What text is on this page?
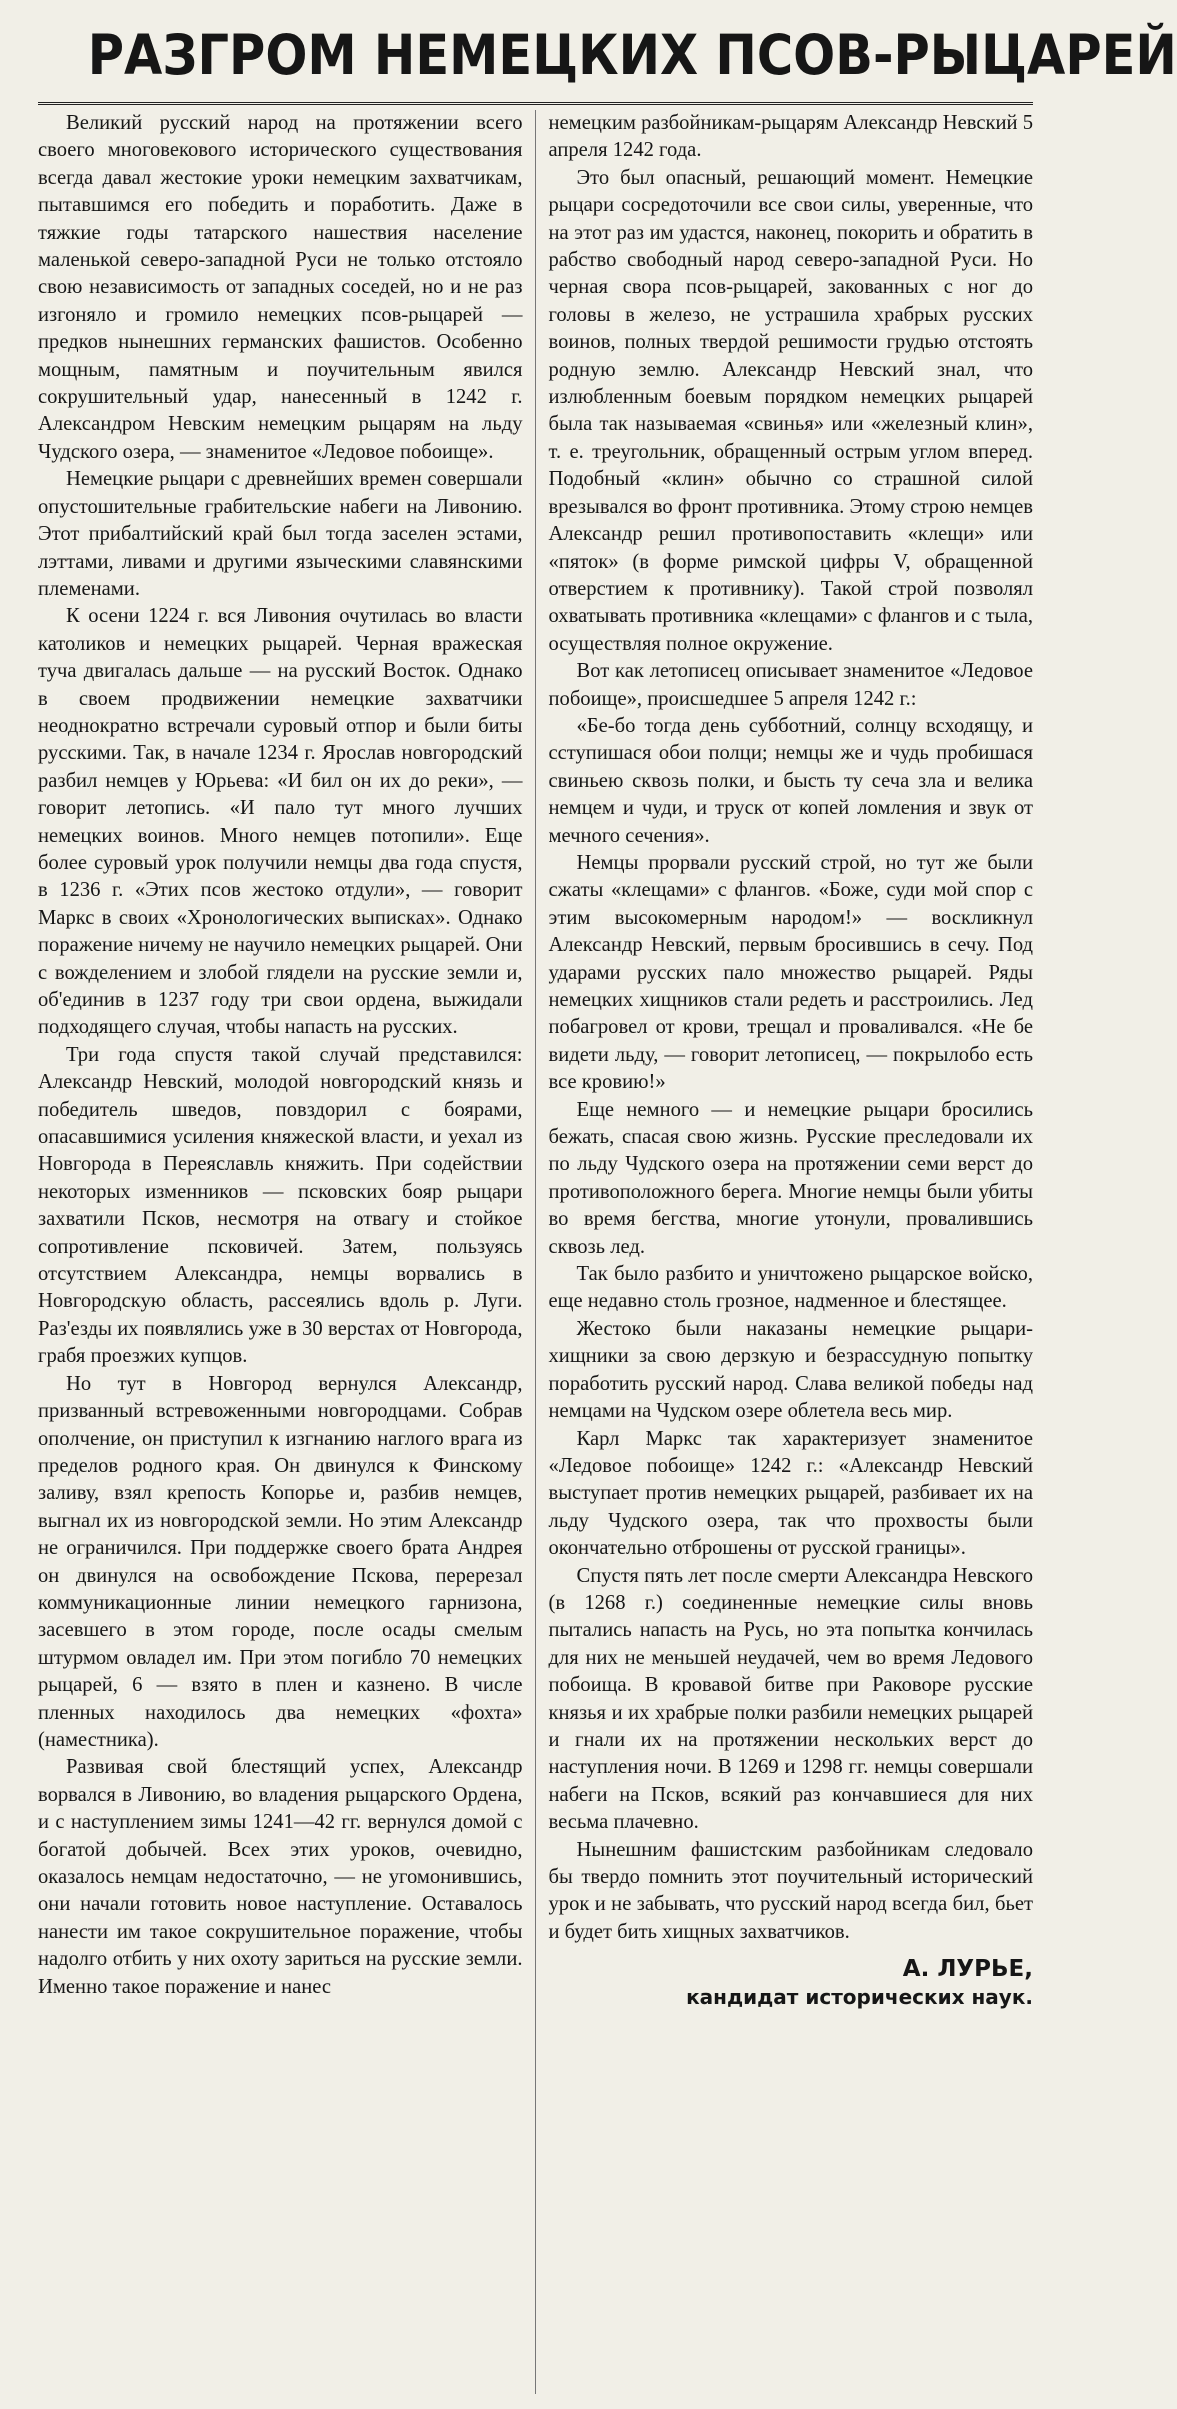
РАЗГРОМ НЕМЕЦКИХ ПСОВ-РЫЦАРЕЙ

Великий русский народ на протяжении всего своего многовекового исторического существования всегда давал жестокие уроки немецким захватчикам, пытавшимся его победить и поработить. Даже в тяжкие годы татарского нашествия население маленькой северо-западной Руси не только отстояло свою независимость от западных соседей, но и не раз изгоняло и громило немецких псов-рыцарей — предков нынешних германских фашистов. Особенно мощным, памятным и поучительным явился сокрушительный удар, нанесенный в 1242 г. Александром Невским немецким рыцарям на льду Чудского озера, — знаменитое «Ледовое побоище».

Немецкие рыцари с древнейших времен совершали опустошительные грабительские набеги на Ливонию. Этот прибалтийский край был тогда заселен эстами, лэттами, ливами и другими языческими славянскими племенами.

К осени 1224 г. вся Ливония очутилась во власти католиков и немецких рыцарей. Черная вражеская туча двигалась дальше — на русский Восток. Однако в своем продвижении немецкие захватчики неоднократно встречали суровый отпор и были биты русскими. Так, в начале 1234 г. Ярослав новгородский разбил немцев у Юрьева: «И бил он их до реки», — говорит летопись. «И пало тут много лучших немецких воинов. Много немцев потопили». Еще более суровый урок получили немцы два года спустя, в 1236 г. «Этих псов жестоко отдули», — говорит Маркс в своих «Хронологических выписках». Однако поражение ничему не научило немецких рыцарей. Они с вожделением и злобой глядели на русские земли и, об'единив в 1237 году три свои ордена, выжидали подходящего случая, чтобы напасть на русских.

Три года спустя такой случай представился: Александр Невский, молодой новгородский князь и победитель шведов, повздорил с боярами, опасавшимися усиления княжеской власти, и уехал из Новгорода в Переяславль княжить. При содействии некоторых изменников — псковских бояр рыцари захватили Псков, несмотря на отвагу и стойкое сопротивление псковичей. Затем, пользуясь отсутствием Александра, немцы ворвались в Новгородскую область, рассеялись вдоль р. Луги. Раз'езды их появлялись уже в 30 верстах от Новгорода, грабя проезжих купцов.

Но тут в Новгород вернулся Александр, призванный встревоженными новгородцами. Собрав ополчение, он приступил к изгнанию наглого врага из пределов родного края. Он двинулся к Финскому заливу, взял крепость Копорье и, разбив немцев, выгнал их из новгородской земли. Но этим Александр не ограничился. При поддержке своего брата Андрея он двинулся на освобождение Пскова, перерезал коммуникационные линии немецкого гарнизона, засевшего в этом городе, после осады смелым штурмом овладел им. При этом погибло 70 немецких рыцарей, 6 — взято в плен и казнено. В числе пленных находилось два немецких «фохта» (наместника).

Развивая свой блестящий успех, Александр ворвался в Ливонию, во владения рыцарского Ордена, и с наступлением зимы 1241—42 гг. вернулся домой с богатой добычей. Всех этих уроков, очевидно, оказалось немцам недостаточно, — не угомонившись, они начали готовить новое наступление. Оставалось нанести им такое сокрушительное поражение, чтобы надолго отбить у них охоту зариться на русские земли. Именно такое поражение и нанес

немецким разбойникам-рыцарям Александр Невский 5 апреля 1242 года.

Это был опасный, решающий момент. Немецкие рыцари сосредоточили все свои силы, уверенные, что на этот раз им удастся, наконец, покорить и обратить в рабство свободный народ северо-западной Руси. Но черная свора псов-рыцарей, закованных с ног до головы в железо, не устрашила храбрых русских воинов, полных твердой решимости грудью отстоять родную землю. Александр Невский знал, что излюбленным боевым порядком немецких рыцарей была так называемая «свинья» или «железный клин», т. е. треугольник, обращенный острым углом вперед. Подобный «клин» обычно со страшной силой врезывался во фронт противника. Этому строю немцев Александр решил противопоставить «клещи» или «пяток» (в форме римской цифры V, обращенной отверстием к противнику). Такой строй позволял охватывать противника «клещами» с флангов и с тыла, осуществляя полное окружение.

Вот как летописец описывает знаменитое «Ледовое побоище», происшедшее 5 апреля 1242 г.:

«Бе-бо тогда день субботний, солнцу всходящу, и сступишася обои полци; немцы же и чудь пробишася свиньею сквозь полки, и бысть ту сеча зла и велика немцем и чуди, и труск от копей ломления и звук от мечного сечения».

Немцы прорвали русский строй, но тут же были сжаты «клещами» с флангов. «Боже, суди мой спор с этим высокомерным народом!» — воскликнул Александр Невский, первым бросившись в сечу. Под ударами русских пало множество рыцарей. Ряды немецких хищников стали редеть и расстроились. Лед побагровел от крови, трещал и проваливался. «Не бе видети льду, — говорит летописец, — покрылобо есть все кровию!»

Еще немного — и немецкие рыцари бросились бежать, спасая свою жизнь. Русские преследовали их по льду Чудского озера на протяжении семи верст до противоположного берега. Многие немцы были убиты во время бегства, многие утонули, провалившись сквозь лед.

Так было разбито и уничтожено рыцарское войско, еще недавно столь грозное, надменное и блестящее.

Жестоко были наказаны немецкие рыцари-хищники за свою дерзкую и безрассудную попытку поработить русский народ. Слава великой победы над немцами на Чудском озере облетела весь мир.

Карл Маркс так характеризует знаменитое «Ледовое побоище» 1242 г.: «Александр Невский выступает против немецких рыцарей, разбивает их на льду Чудского озера, так что прохвосты были окончательно отброшены от русской границы».

Спустя пять лет после смерти Александра Невского (в 1268 г.) соединенные немецкие силы вновь пытались напасть на Русь, но эта попытка кончилась для них не меньшей неудачей, чем во время Ледового побоища. В кровавой битве при Раковоре русские князья и их храбрые полки разбили немецких рыцарей и гнали их на протяжении нескольких верст до наступления ночи. В 1269 и 1298 гг. немцы совершали набеги на Псков, всякий раз кончавшиеся для них весьма плачевно.

Нынешним фашистским разбойникам следовало бы твердо помнить этот поучительный исторический урок и не забывать, что русский народ всегда бил, бьет и будет бить хищных захватчиков.

А. ЛУРЬЕ,
кандидат исторических наук.
